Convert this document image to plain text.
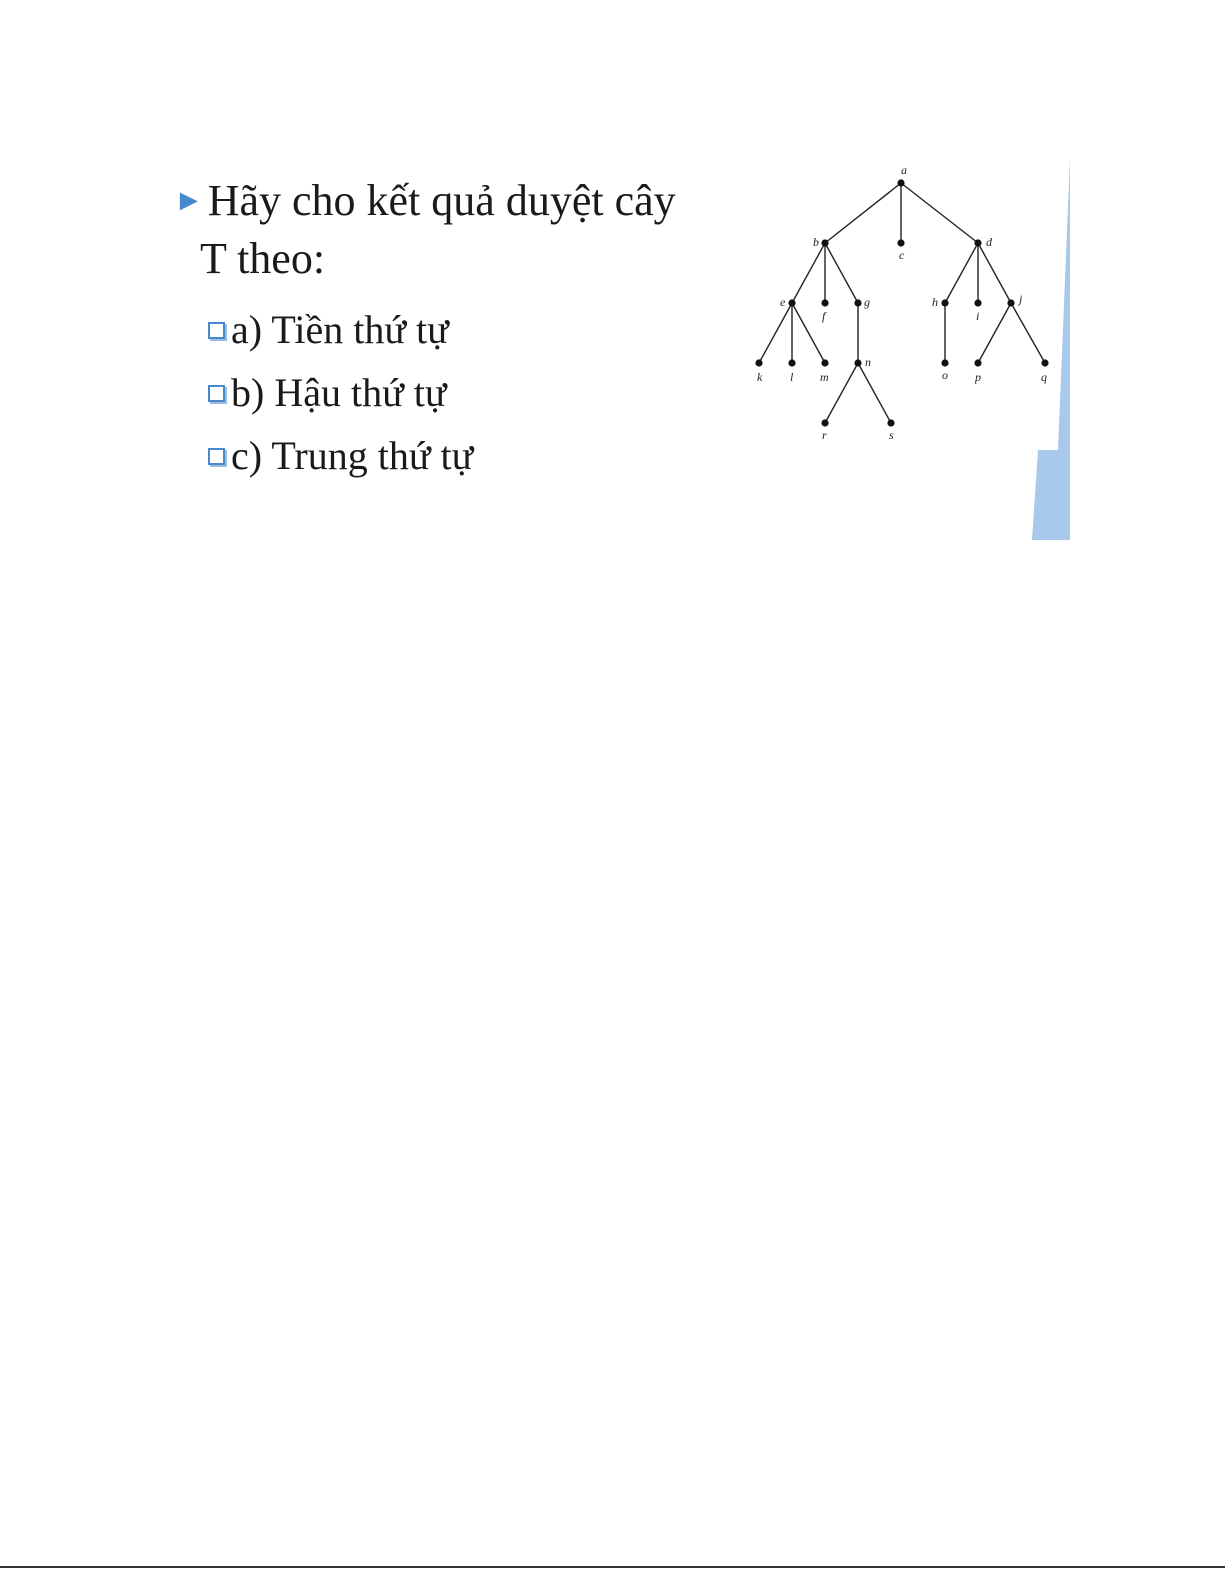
►Hãy cho kết quả duyệt cây
T theo:
a) Tiền thứ tự
b) Hậu thứ tự
c) Trung thứ tự
a
b
c
d
e
f
g	h
i
j
k l m
n
o p	q
r	s
